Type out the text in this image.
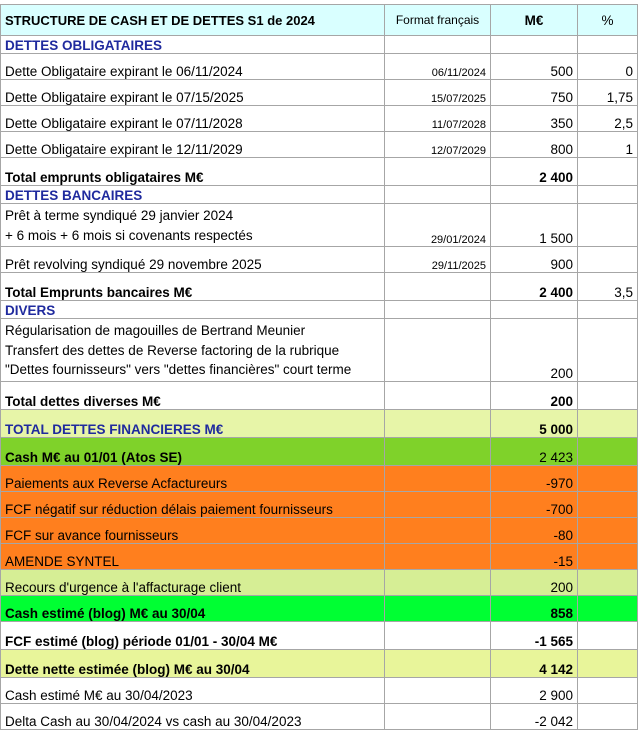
STRUCTURE DE CASH ET DE DETTES S1 de 2024	Format français	M€	%
DETTES OBLIGATAIRES			
Dette Obligataire expirant le 06/11/2024	06/11/2024	500	0
Dette Obligataire expirant le 07/15/2025	15/07/2025	750	1,75
Dette Obligataire expirant le 07/11/2028	11/07/2028	350	2,5
Dette Obligataire expirant le 12/11/2029	12/07/2029	800	1
Total emprunts obligataires M€		2 400	
DETTES BANCAIRES			

Prêt à terme syndiqué 29 janvier 2024
+ 6 mois + 6 mois si covenants respectés	29/01/2024	1 500	
Prêt revolving syndiqué 29 novembre 2025	29/11/2025	900	
Total Emprunts bancaires M€		2 400	3,5
DIVERS			

Régularisation de magouilles de Bertrand Meunier
Transfert des dettes de Reverse factoring de la rubrique
"Dettes fournisseurs" vers "dettes financières" court terme		200	
Total dettes diverses M€		200	
TOTAL DETTES FINANCIERES M€		5 000	
Cash M€ au 01/01 (Atos SE)		2 423	
Paiements aux Reverse Acfactureurs		-970	
FCF négatif sur réduction délais paiement fournisseurs		-700	
FCF sur avance fournisseurs		-80	
AMENDE SYNTEL		-15	
Recours d'urgence à l'affacturage client		200	
Cash estimé (blog) M€ au 30/04		858	
FCF estimé (blog) période 01/01 - 30/04 M€		-1 565	
Dette nette estimée (blog) M€ au 30/04		4 142	
Cash estimé M€ au 30/04/2023		2 900	
Delta Cash au 30/04/2024 vs cash au 30/04/2023		-2 042	
